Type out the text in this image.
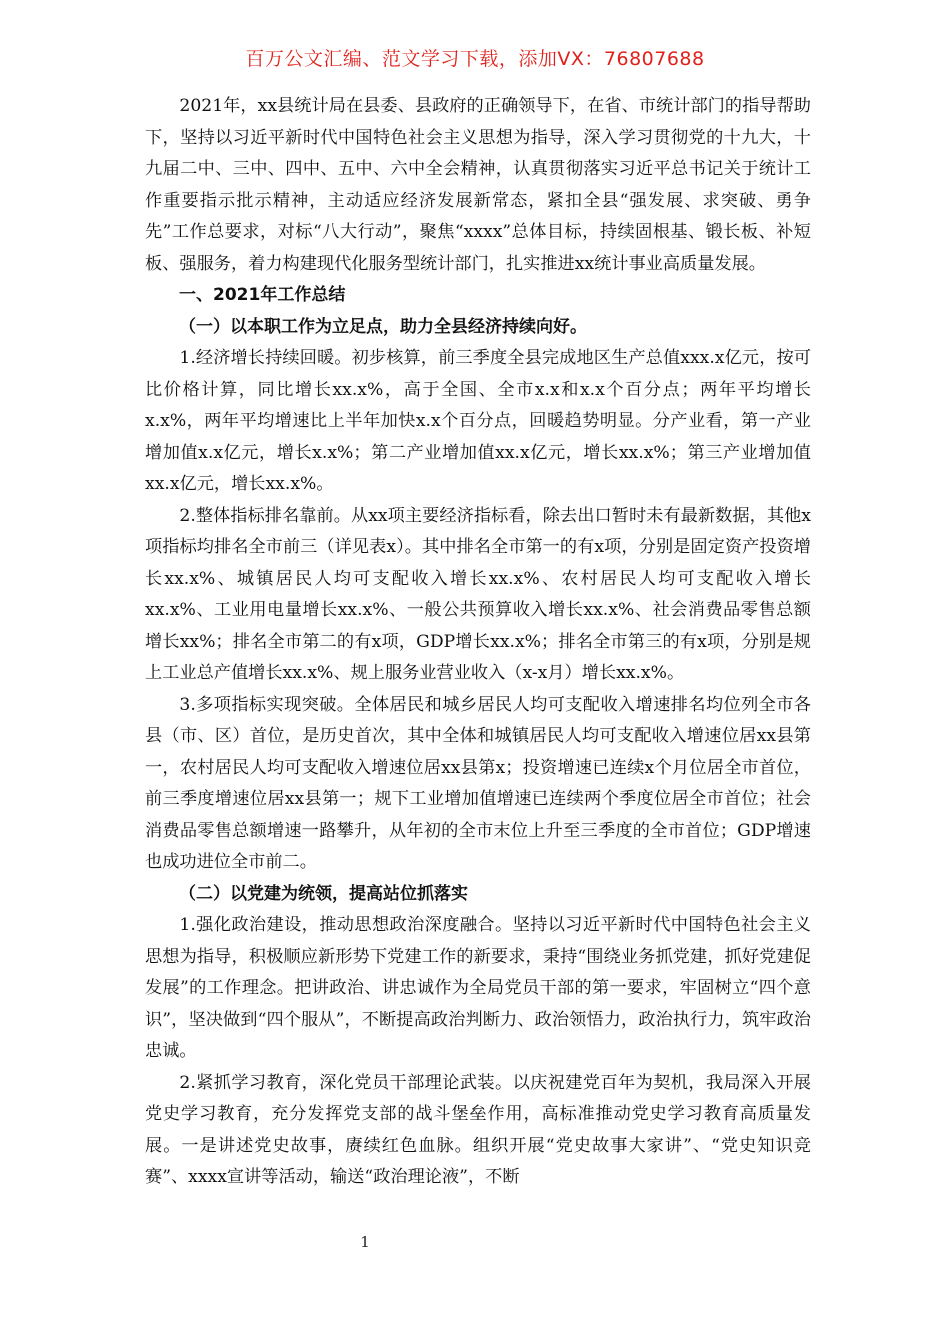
百万公文汇编、范文学习下载，添加VX：76807688

2021年，xx县统计局在县委、县政府的正确领导下，在省、市统计部门的指导帮助下，坚持以习近平新时代中国特色社会主义思想为指导，深入学习贯彻党的十九大，十九届二中、三中、四中、五中、六中全会精神，认真贯彻落实习近平总书记关于统计工作重要指示批示精神，主动适应经济发展新常态，紧扣全县“强发展、求突破、勇争先”工作总要求，对标“八大行动”，聚焦“xxxx”总体目标，持续固根基、锻长板、补短板、强服务，着力构建现代化服务型统计部门，扎实推进xx统计事业高质量发展。

一、2021年工作总结

（一）以本职工作为立足点，助力全县经济持续向好。

1.经济增长持续回暖。初步核算，前三季度全县完成地区生产总值xxx.x亿元，按可比价格计算，同比增长xx.x%，高于全国、全市x.x和x.x个百分点；两年平均增长x.x%，两年平均增速比上半年加快x.x个百分点，回暖趋势明显。分产业看，第一产业增加值x.x亿元，增长x.x%；第二产业增加值xx.x亿元，增长xx.x%；第三产业增加值xx.x亿元，增长xx.x%。

2.整体指标排名靠前。从xx项主要经济指标看，除去出口暂时未有最新数据，其他x项指标均排名全市前三（详见表x）。其中排名全市第一的有x项，分别是固定资产投资增长xx.x%、城镇居民人均可支配收入增长xx.x%、农村居民人均可支配收入增长xx.x%、工业用电量增长xx.x%、一般公共预算收入增长xx.x%、社会消费品零售总额增长xx%；排名全市第二的有x项，GDP增长xx.x%；排名全市第三的有x项，分别是规上工业总产值增长xx.x%、规上服务业营业收入（x-x月）增长xx.x%。

3.多项指标实现突破。全体居民和城乡居民人均可支配收入增速排名均位列全市各县（市、区）首位，是历史首次，其中全体和城镇居民人均可支配收入增速位居xx县第一，农村居民人均可支配收入增速位居xx县第x；投资增速已连续x个月位居全市首位，前三季度增速位居xx县第一；规下工业增加值增速已连续两个季度位居全市首位；社会消费品零售总额增速一路攀升，从年初的全市末位上升至三季度的全市首位；GDP增速也成功进位全市前二。

（二）以党建为统领，提高站位抓落实

1.强化政治建设，推动思想政治深度融合。坚持以习近平新时代中国特色社会主义思想为指导，积极顺应新形势下党建工作的新要求，秉持“围绕业务抓党建，抓好党建促发展”的工作理念。把讲政治、讲忠诚作为全局党员干部的第一要求，牢固树立“四个意识”，坚决做到“四个服从”，不断提高政治判断力、政治领悟力，政治执行力，筑牢政治忠诚。

2.紧抓学习教育，深化党员干部理论武装。以庆祝建党百年为契机，我局深入开展党史学习教育，充分发挥党支部的战斗堡垒作用，高标准推动党史学习教育高质量发展。一是讲述党史故事，赓续红色血脉。组织开展“党史故事大家讲”、“党史知识竞赛”、xxxx宣讲等活动，输送“政治理论液”，不断

1
